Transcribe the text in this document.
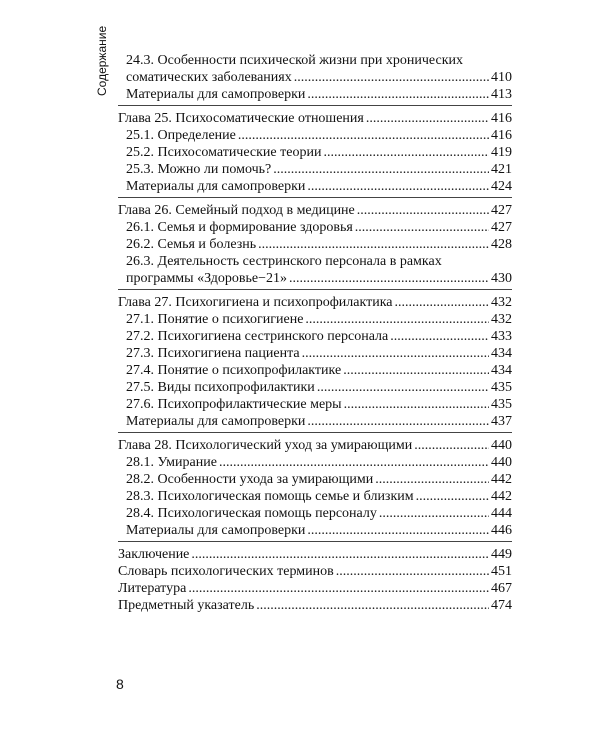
Содержание	24.3. Особенности психической жизни при хронических
соматических заболеваниях .....	410
Материалы для самопроверки .....	413
Глава 25. Психосоматические отношения .....	416
25.1. Определение .....	416
25.2. Психосоматические теории .....	419
25.3. Можно ли помочь? .....	421
Материалы для самопроверки .....	424
Глава 26. Семейный подход в медицине .....	427
26.1. Семья и формирование здоровья .....	427
26.2. Семья и болезнь .....	428
26.3. Деятельность сестринского персонала в рамках
программы «Здоровье−21» .....	430
Глава 27. Психогигиена и психопрофилактика .....	432
27.1. Понятие о психогигиене .....	432
27.2. Психогигиена сестринского персонала .....	433
27.3. Психогигиена пациента .....	434
27.4. Понятие о психопрофилактике .....	434
27.5. Виды психопрофилактики .....	435
27.6. Психопрофилактические меры .....	435
Материалы для самопроверки .....	437
Глава 28. Психологический уход за умирающими .....	440
28.1. Умирание .....	440
28.2. Особенности ухода за умирающими .....	442
28.3. Психологическая помощь семье и близким .....	442
28.4. Психологическая помощь персоналу .....	444
Материалы для самопроверки .....	446
Заключение .....	449
Словарь психологических терминов .....	451
Литература .....	467
Предметный указатель .....	474
8
